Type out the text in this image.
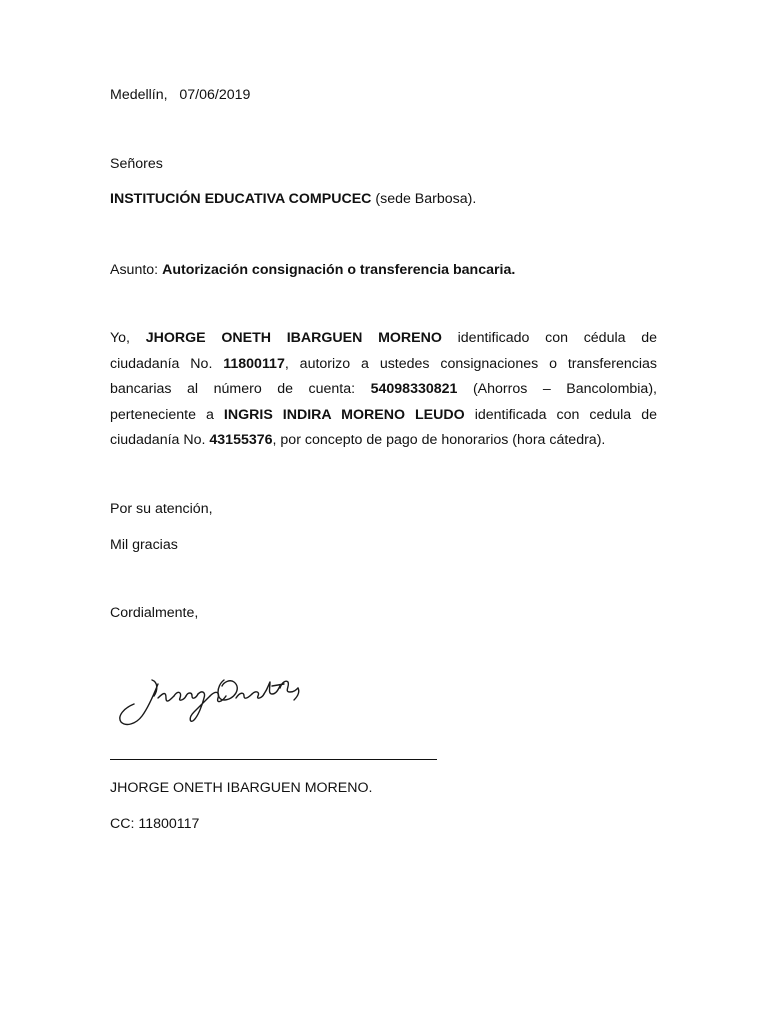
Medellín, 07/06/2019
Señores
INSTITUCIÓN EDUCATIVA COMPUCEC (sede Barbosa).
Asunto: Autorización consignación o transferencia bancaria.
Yo, JHORGE ONETH IBARGUEN MORENO identificado con cédula de
ciudadanía No. 11800117, autorizo a ustedes consignaciones o transferencias
bancarias al número de cuenta: 54098330821 (Ahorros – Bancolombia),
perteneciente a INGRIS INDIRA MORENO LEUDO identificada con cedula de
ciudadanía No. 43155376, por concepto de pago de honorarios (hora cátedra).
Por su atención,
Mil gracias
Cordialmente,
JHORGE ONETH IBARGUEN MORENO.
CC: 11800117
